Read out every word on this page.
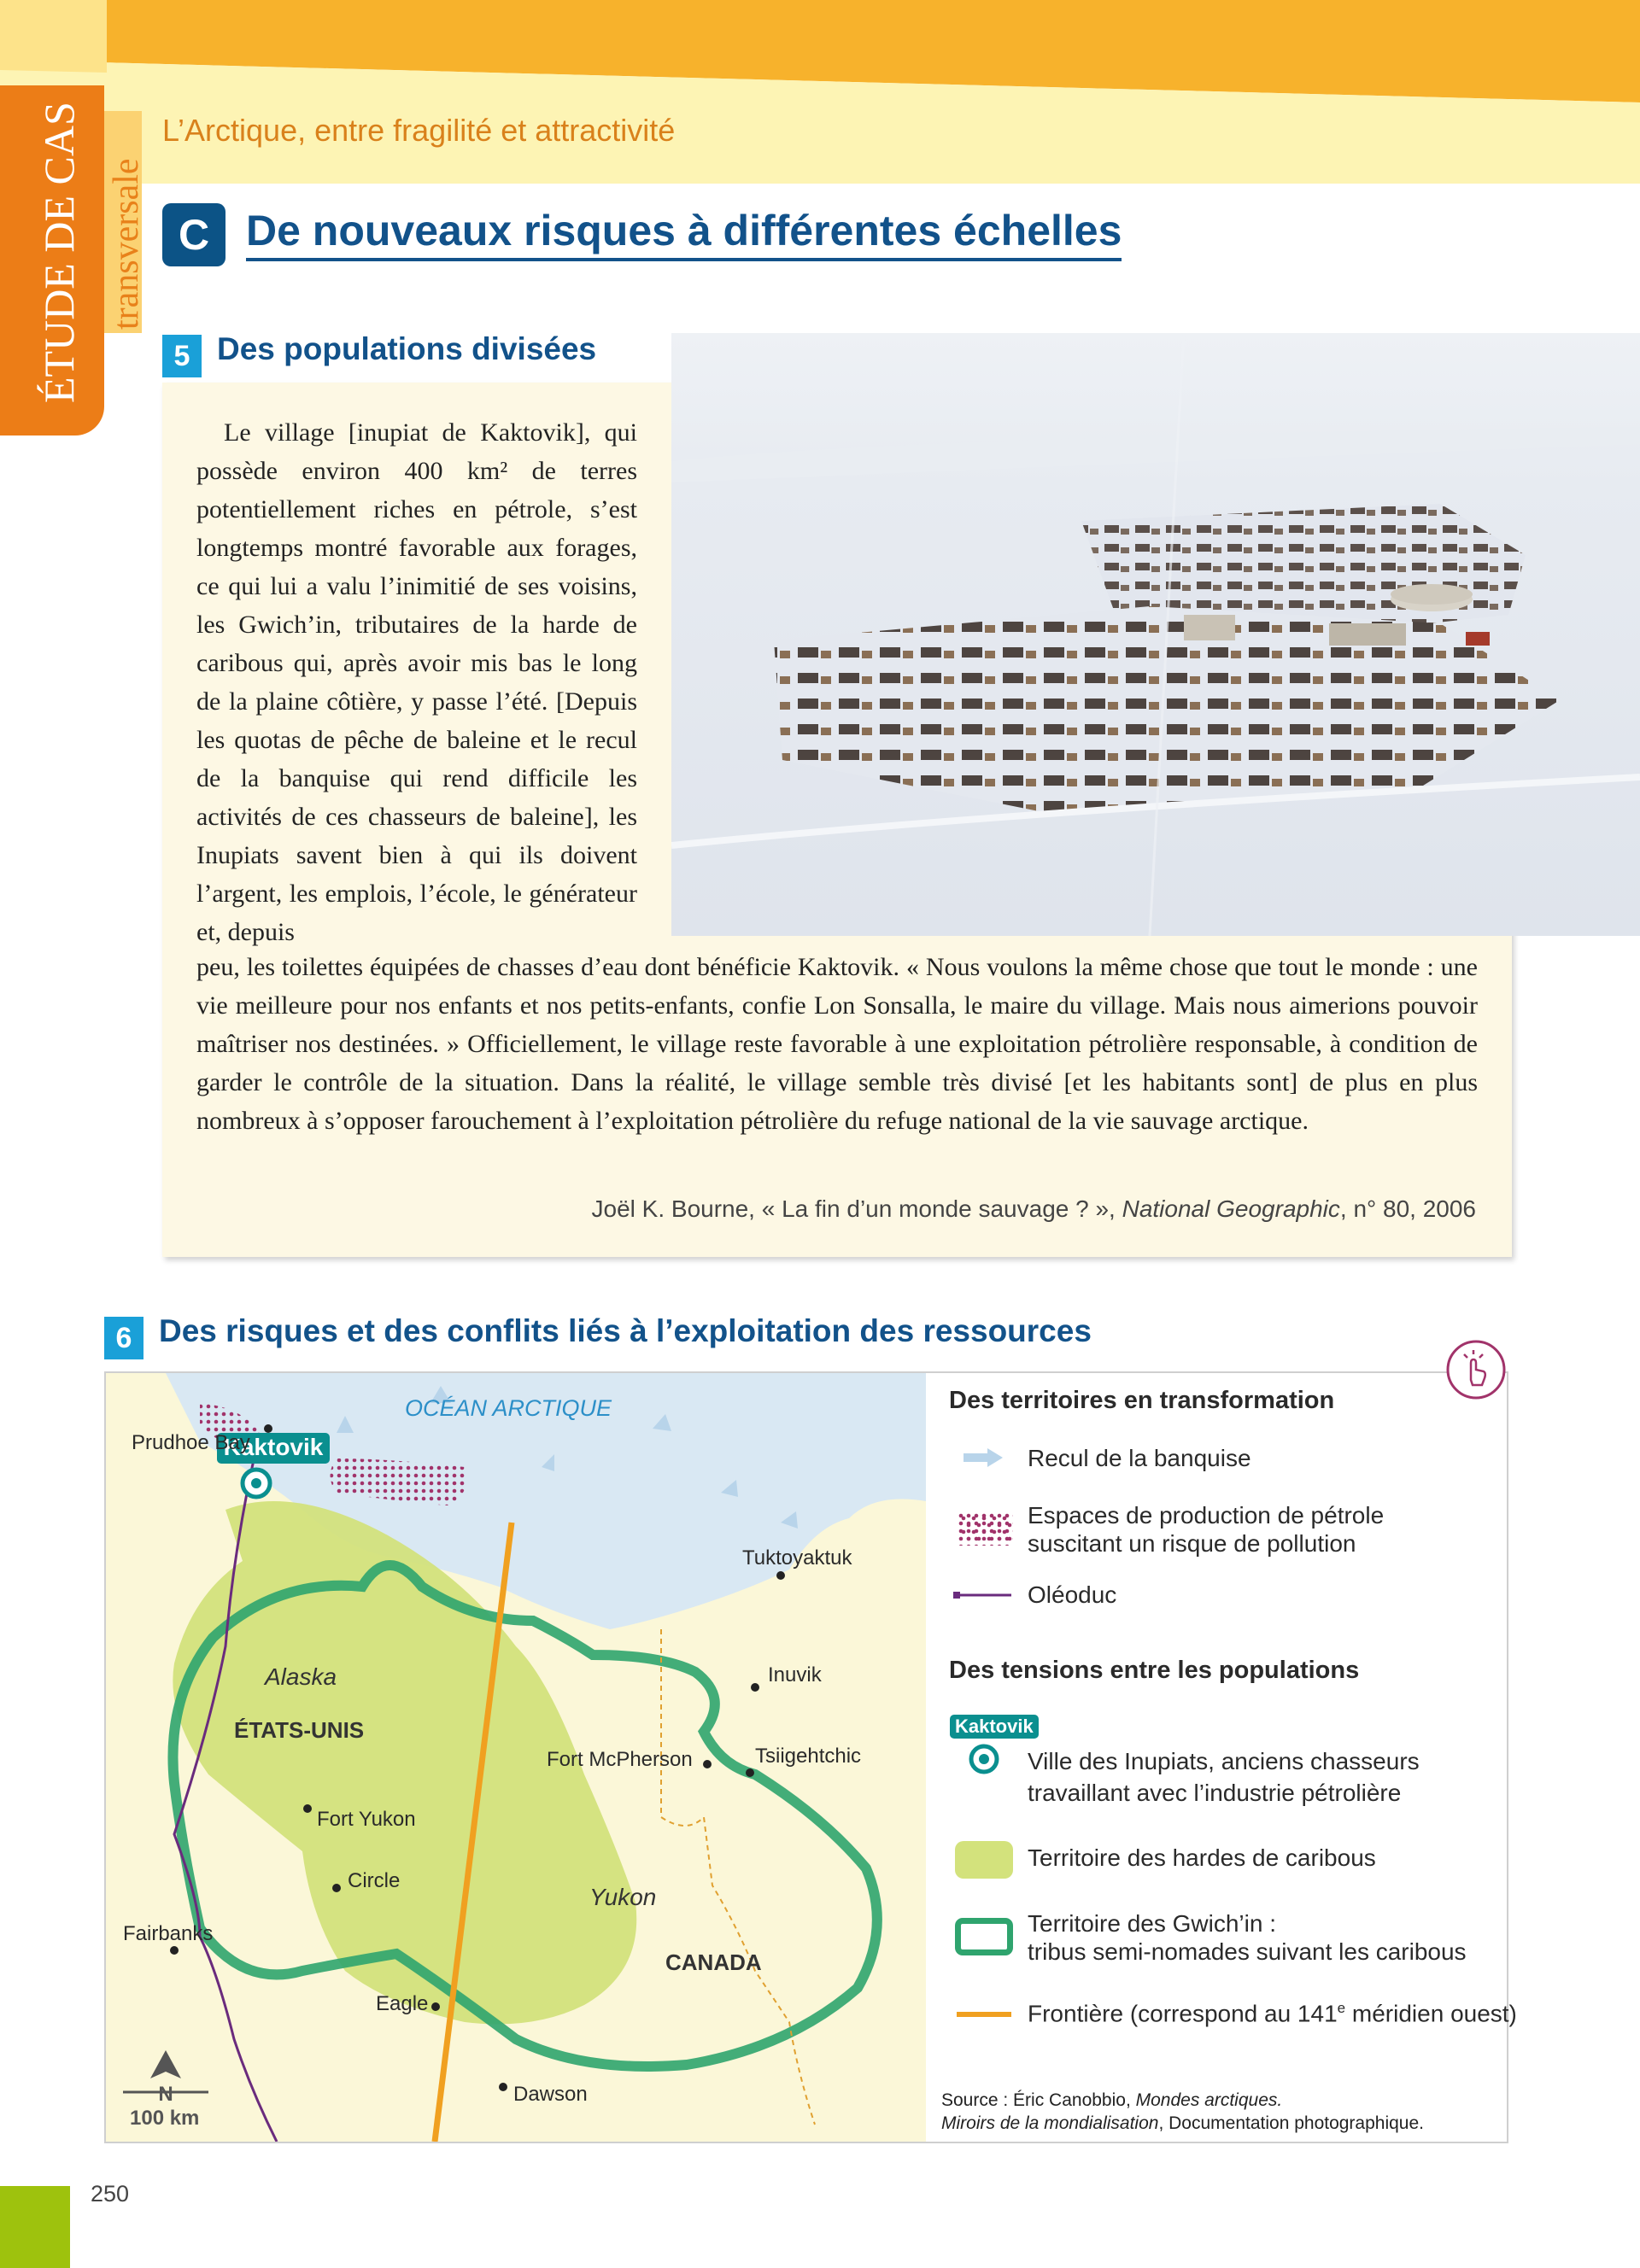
ÉTUDE DE CAS transversale
L’Arctique, entre fragilité et attractivité
C De nouveaux risques à différentes échelles
5 Des populations divisées

Le village [inupiat de Kaktovik], qui possède environ 400 km² de terres potentiellement riches en pétrole, s’est longtemps montré favorable aux forages, ce qui lui a valu l’inimitié de ses voisins, les Gwich’in, tributaires de la harde de caribous qui, après avoir mis bas le long de la plaine côtière, y passe l’été. [Depuis les quotas de pêche de baleine et le recul de la banquise qui rend difficile les activités de ces chasseurs de baleine], les Inupiats savent bien à qui ils doivent l’argent, les emplois, l’école, le générateur et, depuis

peu, les toilettes équipées de chasses d’eau dont bénéficie Kaktovik. « Nous voulons la même chose que tout le monde : une vie meilleure pour nos enfants et nos petits-enfants, confie Lon Sonsalla, le maire du village. Mais nous aimerions pouvoir maîtriser nos destinées. » Officiellement, le village reste favorable à une exploitation pétrolière responsable, à condition de garder le contrôle de la situation. Dans la réalité, le village semble très divisé [et les habitants sont] de plus en plus nombreux à s’opposer farouchement à l’exploitation pétrolière du refuge national de la vie sauvage arctique.

Joël K. Bourne, « La fin d’un monde sauvage ? », National Geographic, n° 80, 2006
6 Des risques et des conflits liés à l’exploitation des ressources
OCÉAN ARCTIQUE
Kaktovik
Prudhoe Bay
Tuktoyaktuk
Inuvik
Fort McPherson	Tsiigehtchic
Fort Yukon
Circle
Fairbanks
Eagle
Dawson
Alaska
ÉTATS-UNIS
Yukon
CANADA
N
100 km
Des territoires en transformation
Recul de la banquise
Espaces de production de pétrole
suscitant un risque de pollution
Oléoduc
Des tensions entre les populations
Kaktovik
Ville des Inupiats, anciens chasseurs
travaillant avec l’industrie pétrolière
Territoire des hardes de caribous
Territoire des Gwich’in :
tribus semi-nomades suivant les caribous
Frontière (correspond au 141e méridien ouest)
Source : Éric Canobbio, Mondes arctiques.
Miroirs de la mondialisation, Documentation photographique.
250
